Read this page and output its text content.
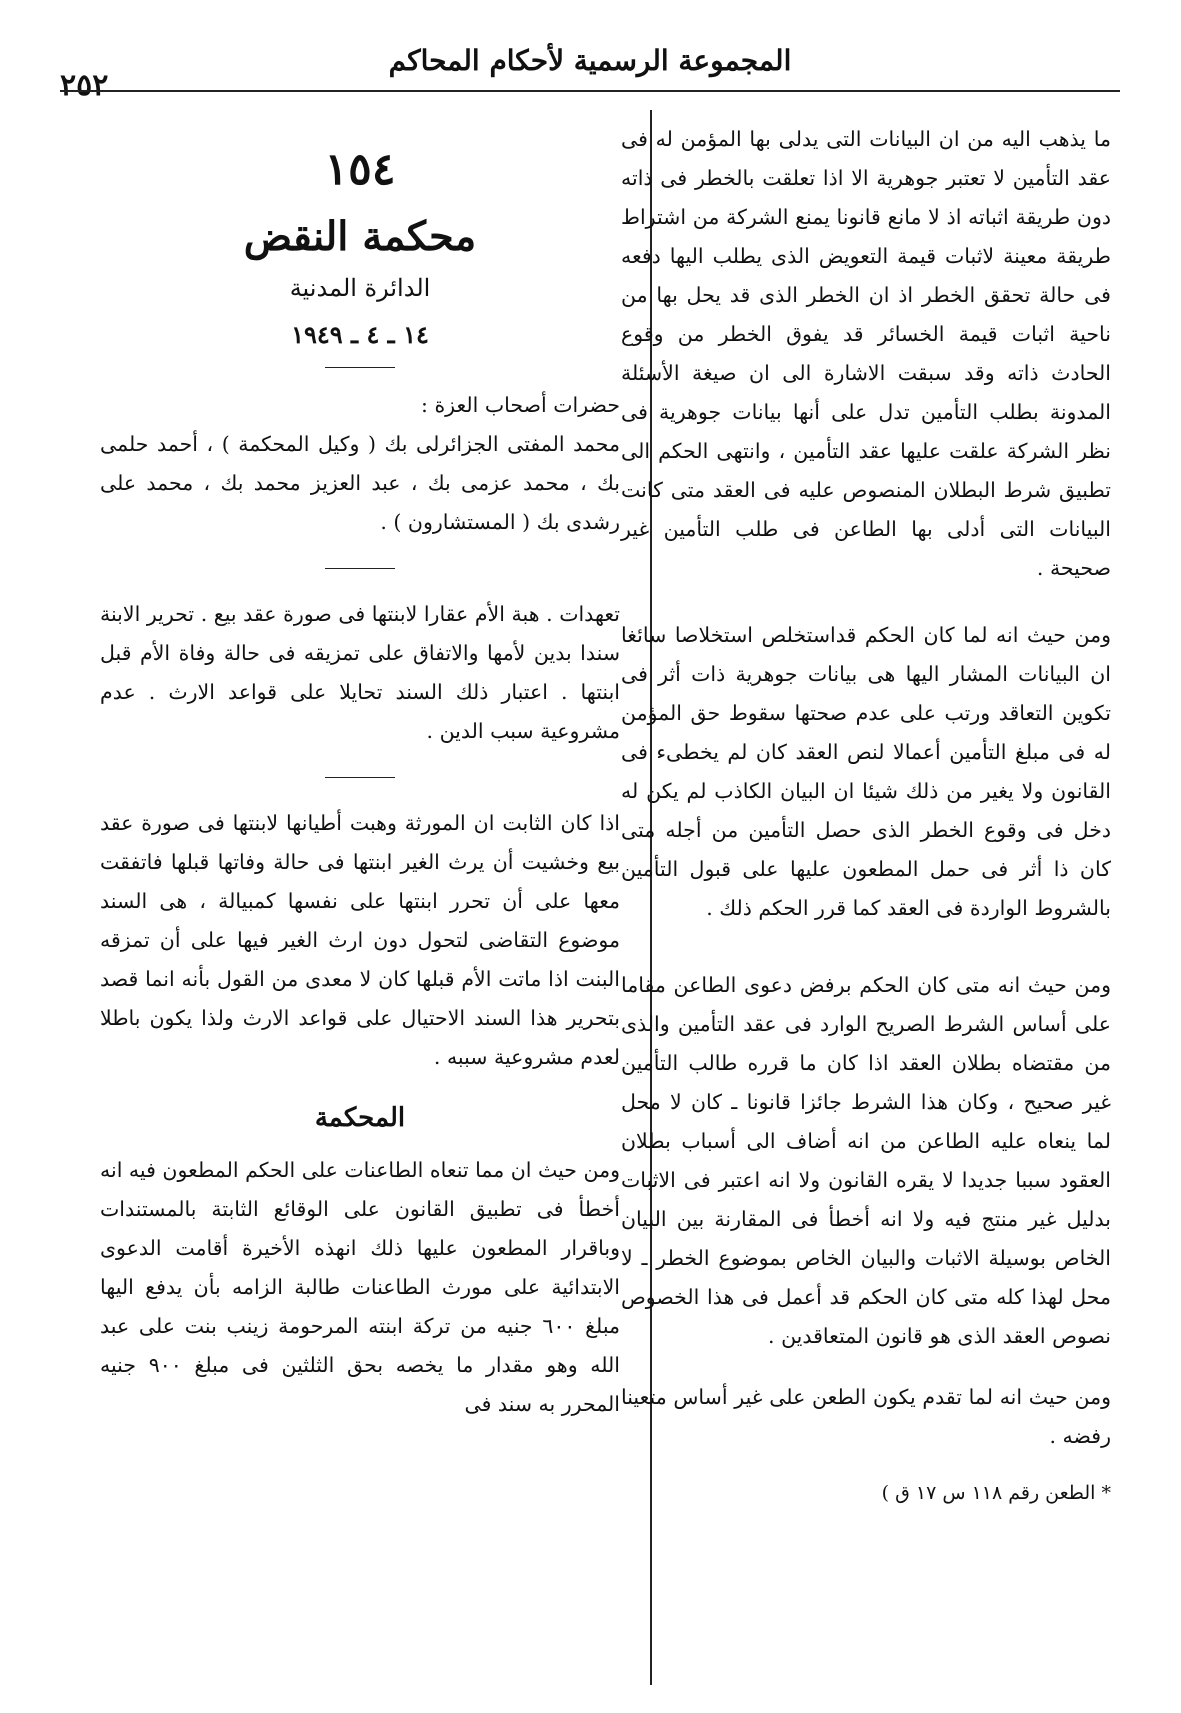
المجموعة الرسمية لأحكام المحاكم
٢٥٢

ما يذهب اليه من ان البيانات التى يدلى بها المؤمن له فى عقد التأمين لا تعتبر جوهرية الا اذا تعلقت بالخطر فى ذاته دون طريقة اثباته اذ لا مانع قانونا يمنع الشركة من اشتراط طريقة معينة لاثبات قيمة التعويض الذى يطلب اليها دفعه فى حالة تحقق الخطر اذ ان الخطر الذى قد يحل بها من ناحية اثبات قيمة الخسائر قد يفوق الخطر من وقوع الحادث ذاته وقد سبقت الاشارة الى ان صيغة الأسئلة المدونة بطلب التأمين تدل على أنها بيانات جوهرية فى نظر الشركة علقت عليها عقد التأمين ، وانتهى الحكم الى تطبيق شرط البطلان المنصوص عليه فى العقد متى كانت البيانات التى أدلى بها الطاعن فى طلب التأمين غير صحيحة .

ومن حيث انه لما كان الحكم قداستخلص استخلاصا سائغا ان البيانات المشار اليها هى بيانات جوهرية ذات أثر فى تكوين التعاقد ورتب على عدم صحتها سقوط حق المؤمن له فى مبلغ التأمين أعمالا لنص العقد كان لم يخطىء فى القانون ولا يغير من ذلك شيئا ان البيان الكاذب لم يكن له دخل فى وقوع الخطر الذى حصل التأمين من أجله متى كان ذا أثر فى حمل المطعون عليها على قبول التأمين بالشروط الواردة فى العقد كما قرر الحكم ذلك .

ومن حيث انه متى كان الحكم برفض دعوى الطاعن مقاما على أساس الشرط الصريح الوارد فى عقد التأمين والذى من مقتضاه بطلان العقد اذا كان ما قرره طالب التأمين غير صحيح ، وكان هذا الشرط جائزا قانونا ـ كان لا محل لما ينعاه عليه الطاعن من انه أضاف الى أسباب بطلان العقود سببا جديدا لا يقره القانون ولا انه اعتبر فى الاثبات بدليل غير منتج فيه ولا انه أخطأ فى المقارنة بين البيان الخاص بوسيلة الاثبات والبيان الخاص بموضوع الخطر ـ لا محل لهذا كله متى كان الحكم قد أعمل فى هذا الخصوص نصوص العقد الذى هو قانون المتعاقدين .

ومن حيث انه لما تقدم يكون الطعن على غير أساس متعينا رفضه .

* الطعن رقم ١١٨ س ١٧ ق )
١٥٤
محكمة النقض
الدائرة المدنية
١٤ ـ ٤ ـ ١٩٤٩

حضرات أصحاب العزة :

محمد المفتى الجزائرلى بك ( وكيل المحكمة ) ، أحمد حلمى بك ، محمد عزمى بك ، عبد العزيز محمد بك ، محمد على رشدى بك ( المستشارون ) .

تعهدات . هبة الأم عقارا لابنتها فى صورة عقد بيع . تحرير الابنة سندا بدين لأمها والاتفاق على تمزيقه فى حالة وفاة الأم قبل ابنتها . اعتبار ذلك السند تحايلا على قواعد الارث . عدم مشروعية سبب الدين .

اذا كان الثابت ان المورثة وهبت أطيانها لابنتها فى صورة عقد بيع وخشيت أن يرث الغير ابنتها فى حالة وفاتها قبلها فاتفقت معها على أن تحرر ابنتها على نفسها كمبيالة ، هى السند موضوع التقاضى لتحول دون ارث الغير فيها على أن تمزقه البنت اذا ماتت الأم قبلها كان لا معدى من القول بأنه انما قصد بتحرير هذا السند الاحتيال على قواعد الارث ولذا يكون باطلا لعدم مشروعية سببه .

المحكمة

ومن حيث ان مما تنعاه الطاعنات على الحكم المطعون فيه انه أخطأ فى تطبيق القانون على الوقائع الثابتة بالمستندات وباقرار المطعون عليها ذلك انهذه الأخيرة أقامت الدعوى الابتدائية على مورث الطاعنات طالبة الزامه بأن يدفع اليها مبلغ ٦٠٠ جنيه من تركة ابنته المرحومة زينب بنت على عبد الله وهو مقدار ما يخصه بحق الثلثين فى مبلغ ٩٠٠ جنيه المحرر به سند فى
